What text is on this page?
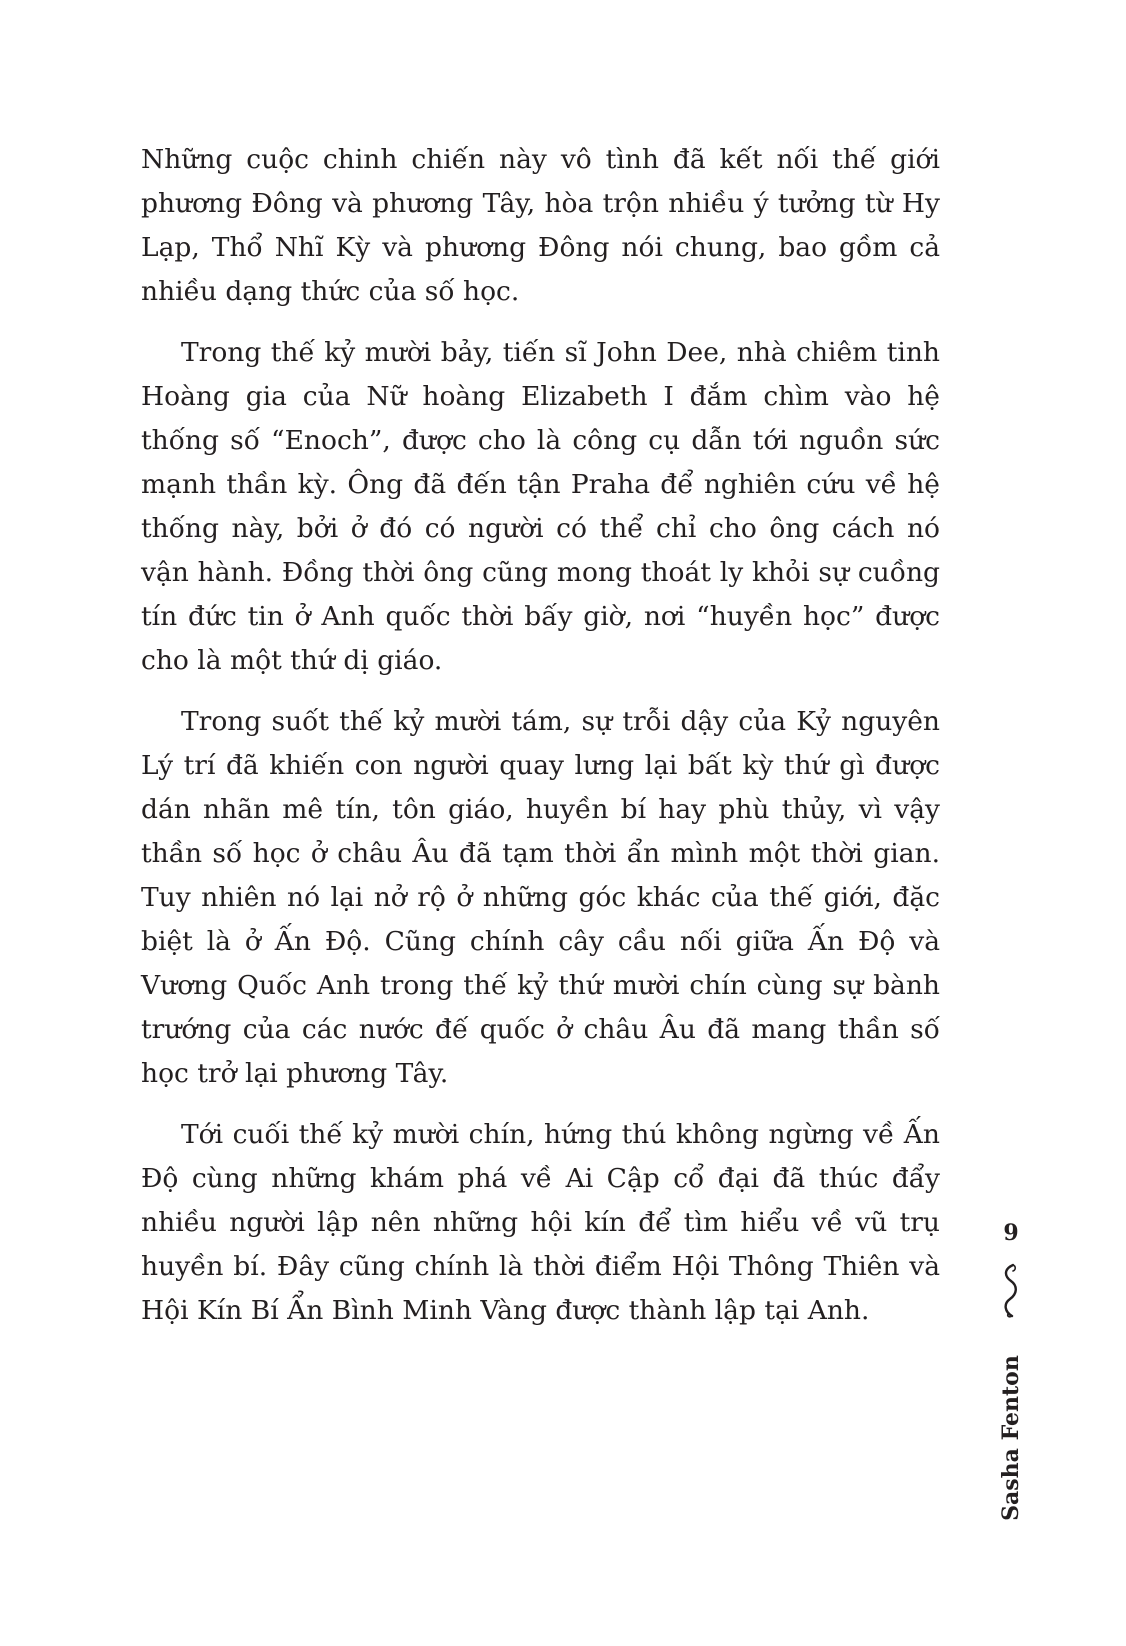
Những cuộc chinh chiến này vô tình đã kết nối thế giới phương Đông và phương Tây, hòa trộn nhiều ý tưởng từ Hy Lạp, Thổ Nhĩ Kỳ và phương Đông nói chung, bao gồm cả nhiều dạng thức của số học.

Trong thế kỷ mười bảy, tiến sĩ John Dee, nhà chiêm tinh Hoàng gia của Nữ hoàng Elizabeth I đắm chìm vào hệ thống số “Enoch”, được cho là công cụ dẫn tới nguồn sức mạnh thần kỳ. Ông đã đến tận Praha để nghiên cứu về hệ thống này, bởi ở đó có người có thể chỉ cho ông cách nó vận hành. Đồng thời ông cũng mong thoát ly khỏi sự cuồng tín đức tin ở Anh quốc thời bấy giờ, nơi “huyền học” được cho là một thứ dị giáo.

Trong suốt thế kỷ mười tám, sự trỗi dậy của Kỷ nguyên Lý trí đã khiến con người quay lưng lại bất kỳ thứ gì được dán nhãn mê tín, tôn giáo, huyền bí hay phù thủy, vì vậy thần số học ở châu Âu đã tạm thời ẩn mình một thời gian. Tuy nhiên nó lại nở rộ ở những góc khác của thế giới, đặc biệt là ở Ấn Độ. Cũng chính cây cầu nối giữa Ấn Độ và Vương Quốc Anh trong thế kỷ thứ mười chín cùng sự bành trướng của các nước đế quốc ở châu Âu đã mang thần số học trở lại phương Tây.

Tới cuối thế kỷ mười chín, hứng thú không ngừng về Ấn Độ cùng những khám phá về Ai Cập cổ đại đã thúc đẩy nhiều người lập nên những hội kín để tìm hiểu về vũ trụ huyền bí. Đây cũng chính là thời điểm Hội Thông Thiên và Hội Kín Bí Ẩn Bình Minh Vàng được thành lập tại Anh.

9
Sasha Fenton
